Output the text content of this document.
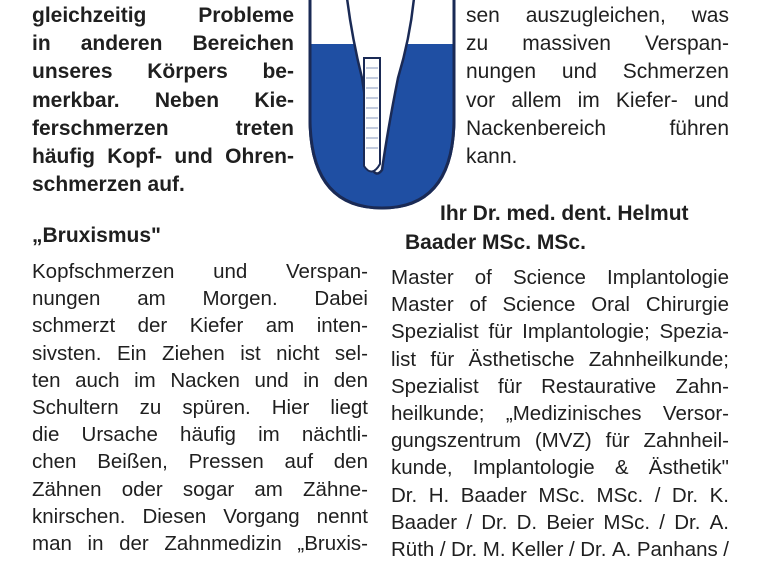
gleichzeitig Probleme
in anderen Bereichen
unseres Körpers be-
merkbar. Neben Kie-
ferschmerzen	treten
häufig Kopf- und Ohren-
schmerzen auf.
sen auszugleichen, was
zu massiven Verspan-
nungen und Schmerzen
vor allem im Kiefer- und
Nackenbereich	führen
kann.
„Bruxismus"
Kopfschmerzen und Verspan-
nungen am Morgen. Dabei
schmerzt der Kiefer am inten-
sivsten. Ein Ziehen ist nicht sel-
ten auch im Nacken und in den
Schultern zu spüren. Hier liegt
die Ursache häufig im nächtli-
chen Beißen, Pressen auf den
Zähnen oder sogar am Zähne-
knirschen. Diesen Vorgang nennt
man in der Zahnmedizin „Bruxis-
Ihr Dr. med. dent. Helmut
Baader MSc. MSc.
Master of Science Implantologie
Master of Science Oral Chirurgie
Spezialist für Implantologie; Spezia-
list für Ästhetische Zahnheilkunde;
Spezialist für Restaurative Zahn-
heilkunde; „Medizinisches Versor-
gungszentrum (MVZ) für Zahnheil-
kunde, Implantologie & Ästhetik"
Dr. H. Baader MSc. MSc. / Dr. K.
Baader / Dr. D. Beier MSc. / Dr. A.
Rüth / Dr. M. Keller / Dr. A. Panhans /
